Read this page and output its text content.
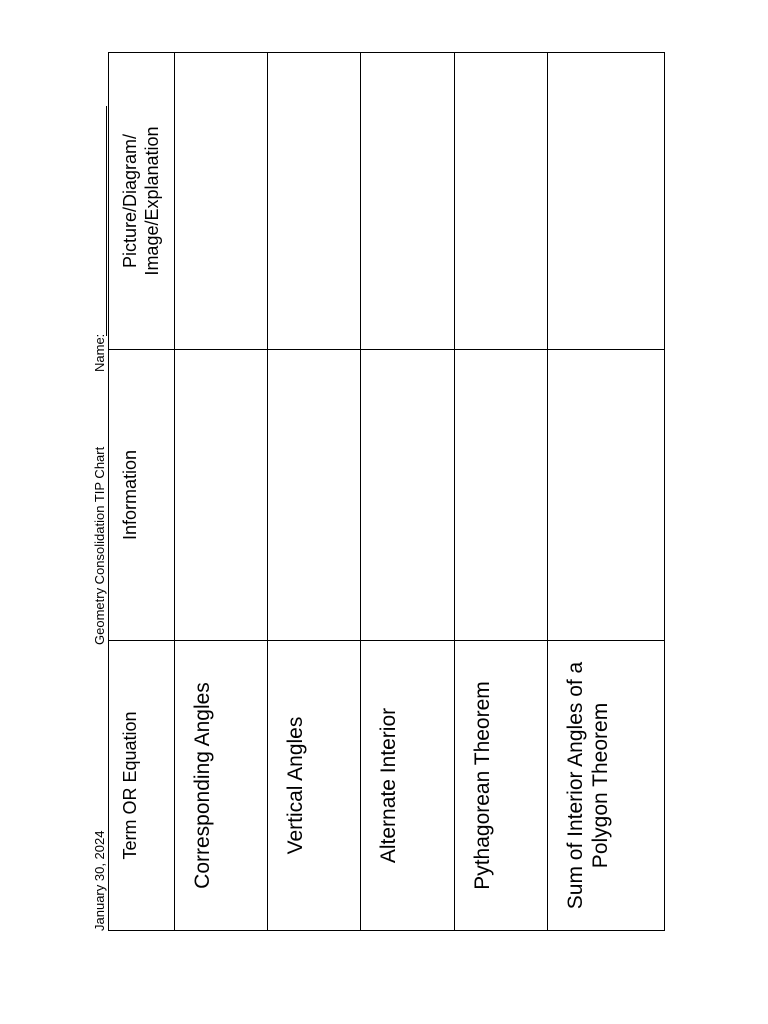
January 30, 2024
Geometry Consolidation TIP Chart
Name:
Term OR Equation	Information	Picture/Diagram/ Image/Explanation
Corresponding Angles		
Vertical Angles		
Alternate Interior		
Pythagorean Theorem		
Sum of Interior Angles of a Polygon Theorem		
